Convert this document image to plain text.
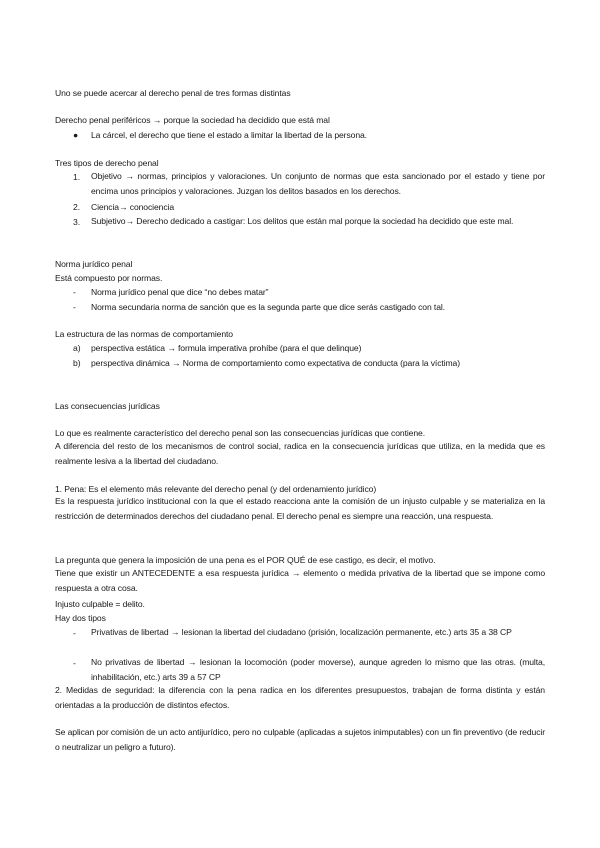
Uno se puede acercar al derecho penal de tres formas distintas
Derecho penal periféricos → porque la sociedad ha decidido que está mal
● La cárcel, el derecho que tiene el estado a limitar la libertad de la persona.
Tres tipos de derecho penal
1. Objetivo → normas, principios y valoraciones. Un conjunto de normas que esta sancionado por el estado y tiene por encima unos principios y valoraciones. Juzgan los delitos basados en los derechos.
2. Ciencia→ conociencia
3. Subjetivo→ Derecho dedicado a castigar: Los delitos que están mal porque la sociedad ha decidido que este mal.
Norma jurídico penal
Está compuesto por normas.
- Norma jurídico penal que dice “no debes matar”
- Norma secundaria norma de sanción que es la segunda parte que dice serás castigado con tal.
La estructura de las normas de comportamiento
a) perspectiva estática → formula imperativa prohíbe (para el que delinque)
b) perspectiva dinámica → Norma de comportamiento como expectativa de conducta (para la víctima)
Las consecuencias jurídicas
Lo que es realmente característico del derecho penal son las consecuencias jurídicas que contiene.
A diferencia del resto de los mecanismos de control social, radica en la consecuencia jurídicas que utiliza, en la medida que es realmente lesiva a la libertad del ciudadano.
1. Pena: Es el elemento más relevante del derecho penal (y del ordenamiento jurídico)
Es la respuesta jurídico institucional con la que el estado reacciona ante la comisión de un injusto culpable y se materializa en la restricción de determinados derechos del ciudadano penal. El derecho penal es siempre una reacción, una respuesta.
La pregunta que genera la imposición de una pena es el POR QUÉ de ese castigo, es decir, el motivo.
Tiene que existir un ANTECEDENTE a esa respuesta jurídica → elemento o medida privativa de la libertad que se impone como respuesta a otra cosa.
Injusto culpable = delito.
Hay dos tipos
- Privativas de libertad → lesionan la libertad del ciudadano (prisión, localización permanente, etc.) arts 35 a 38 CP
- No privativas de libertad → lesionan la locomoción (poder moverse), aunque agreden lo mismo que las otras. (multa, inhabilitación, etc.) arts 39 a 57 CP
2. Medidas de seguridad: la diferencia con la pena radica en los diferentes presupuestos, trabajan de forma distinta y están orientadas a la producción de distintos efectos.
Se aplican por comisión de un acto antijurídico, pero no culpable (aplicadas a sujetos inimputables) con un fin preventivo (de reducir o neutralizar un peligro a futuro).
